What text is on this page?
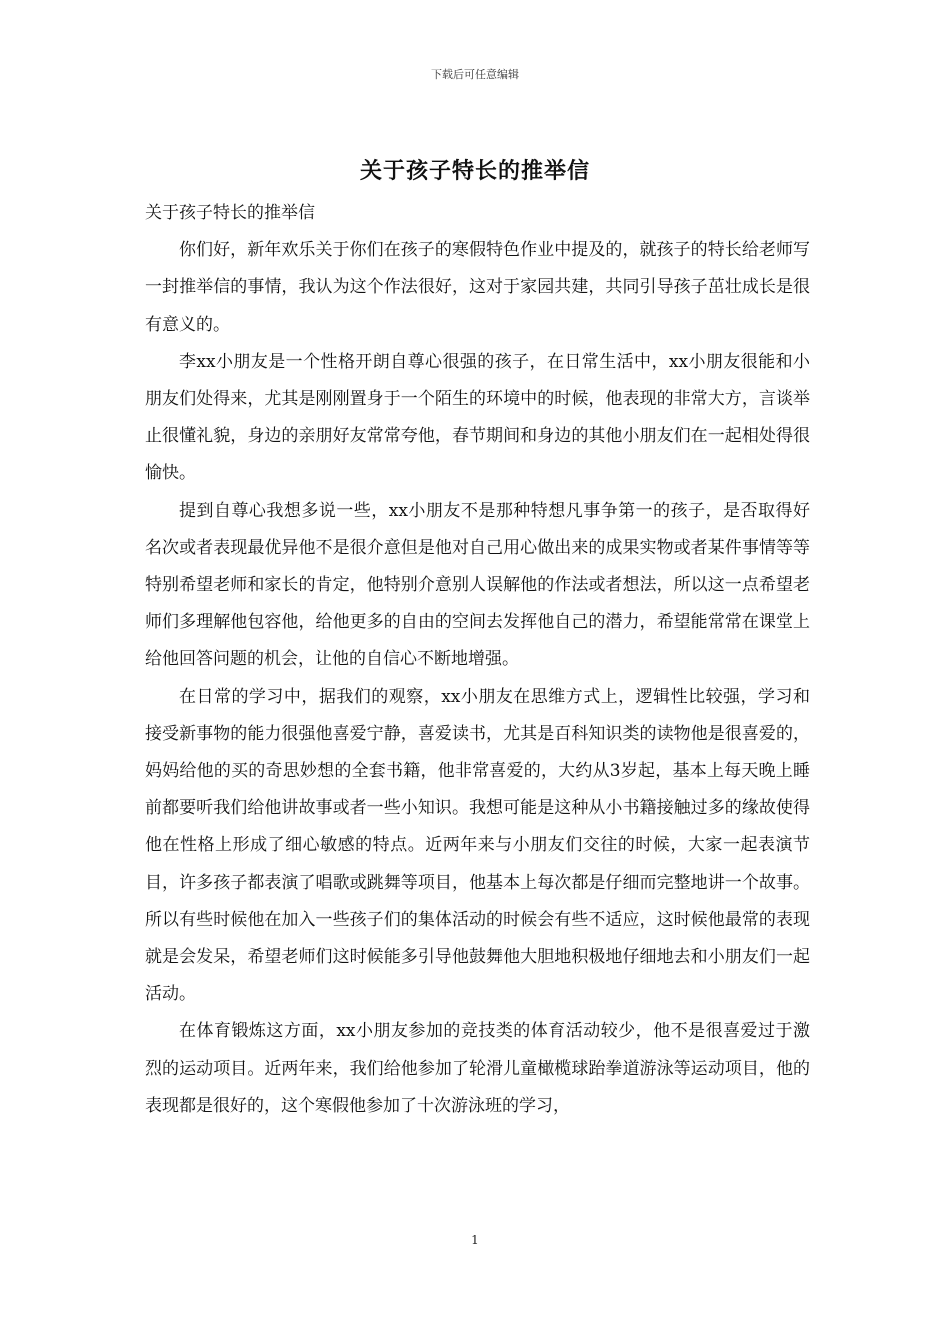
下载后可任意编辑
关于孩子特长的推举信

关于孩子特长的推举信

你们好，新年欢乐关于你们在孩子的寒假特色作业中提及的，就孩子的特长给老师写一封推举信的事情，我认为这个作法很好，这对于家园共建，共同引导孩子茁壮成长是很有意义的。

李xx小朋友是一个性格开朗自尊心很强的孩子，在日常生活中，xx小朋友很能和小朋友们处得来，尤其是刚刚置身于一个陌生的环境中的时候，他表现的非常大方，言谈举止很懂礼貌，身边的亲朋好友常常夸他，春节期间和身边的其他小朋友们在一起相处得很愉快。

提到自尊心我想多说一些，xx小朋友不是那种特想凡事争第一的孩子，是否取得好名次或者表现最优异他不是很介意但是他对自己用心做出来的成果实物或者某件事情等等特别希望老师和家长的肯定，他特别介意别人误解他的作法或者想法，所以这一点希望老师们多理解他包容他，给他更多的自由的空间去发挥他自己的潜力，希望能常常在课堂上给他回答问题的机会，让他的自信心不断地增强。

在日常的学习中，据我们的观察，xx小朋友在思维方式上，逻辑性比较强，学习和接受新事物的能力很强他喜爱宁静，喜爱读书，尤其是百科知识类的读物他是很喜爱的，妈妈给他的买的奇思妙想的全套书籍，他非常喜爱的，大约从3岁起，基本上每天晚上睡前都要听我们给他讲故事或者一些小知识。我想可能是这种从小书籍接触过多的缘故使得他在性格上形成了细心敏感的特点。近两年来与小朋友们交往的时候，大家一起表演节目，许多孩子都表演了唱歌或跳舞等项目，他基本上每次都是仔细而完整地讲一个故事。所以有些时候他在加入一些孩子们的集体活动的时候会有些不适应，这时候他最常的表现就是会发呆，希望老师们这时候能多引导他鼓舞他大胆地积极地仔细地去和小朋友们一起活动。

在体育锻炼这方面，xx小朋友参加的竞技类的体育活动较少，他不是很喜爱过于激烈的运动项目。近两年来，我们给他参加了轮滑儿童橄榄球跆拳道游泳等运动项目，他的表现都是很好的，这个寒假他参加了十次游泳班的学习，

1
